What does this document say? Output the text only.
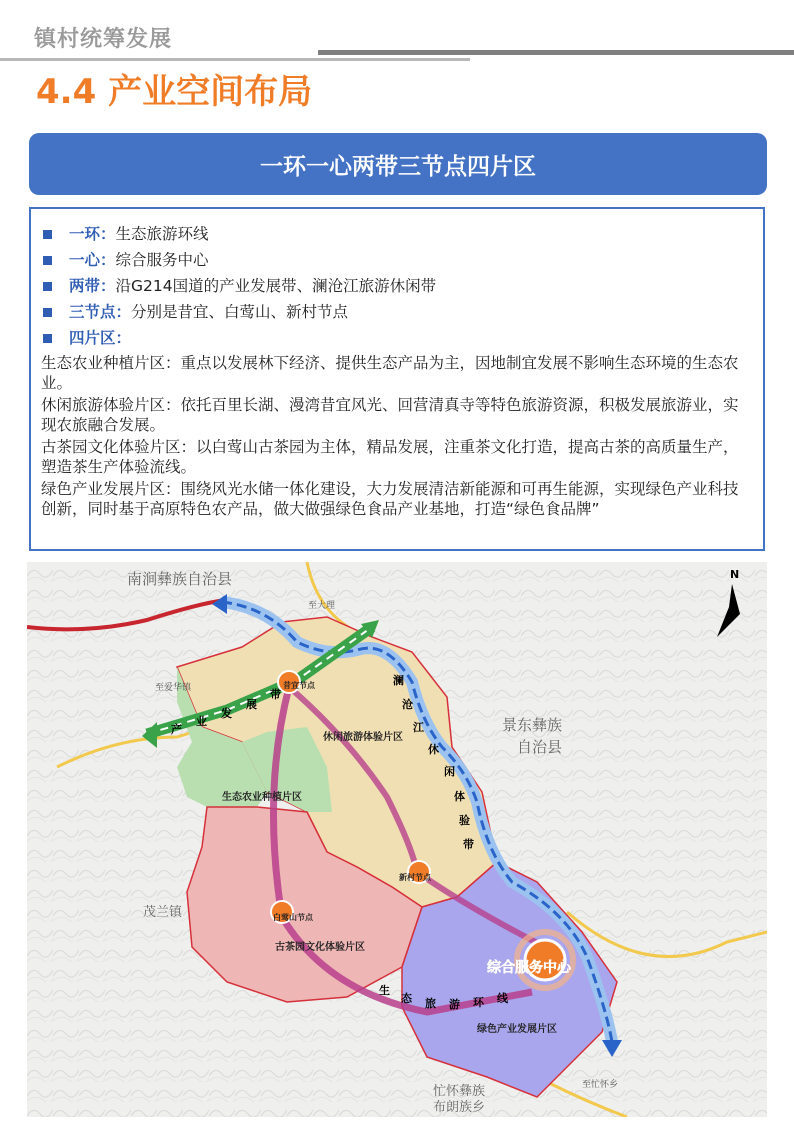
镇村统筹发展
4.4 产业空间布局
一环一心两带三节点四片区
一环： 生态旅游环线
一心： 综合服务中心
两带： 沿G214国道的产业发展带、澜沧江旅游休闲带
三节点： 分别是昔宜、白莺山、新村节点
四片区：
生态农业种植片区：重点以发展林下经济、提供生态产品为主，因地制宜发展不影响生态环境的生态农业。
休闲旅游体验片区：依托百里长湖、漫湾昔宜风光、回营清真寺等特色旅游资源，积极发展旅游业，实现农旅融合发展。
古茶园文化体验片区：以白莺山古茶园为主体，精品发展，注重茶文化打造，提高古茶的高质量生产，塑造茶生产体验流线。
绿色产业发展片区：围绕风光水储一体化建设，大力发展清洁新能源和可再生能源，实现绿色产业科技创新，同时基于高原特色农产品，做大做强绿色食品产业基地，打造“绿色食品牌”
N
南涧彝族自治县
景东彝族
自治县
茂兰镇
忙怀彝族
布朗族乡
至大理
至爱华镇
至忙怀乡
休闲旅游体验片区
生态农业种植片区
古茶园文化体验片区
绿色产业发展片区
昔宜节点
新村节点
白莺山节点
综合服务中心
产
业
发
展
带
澜
沧
江
休
闲
体
验
带
生
态 旅 游 环 线
